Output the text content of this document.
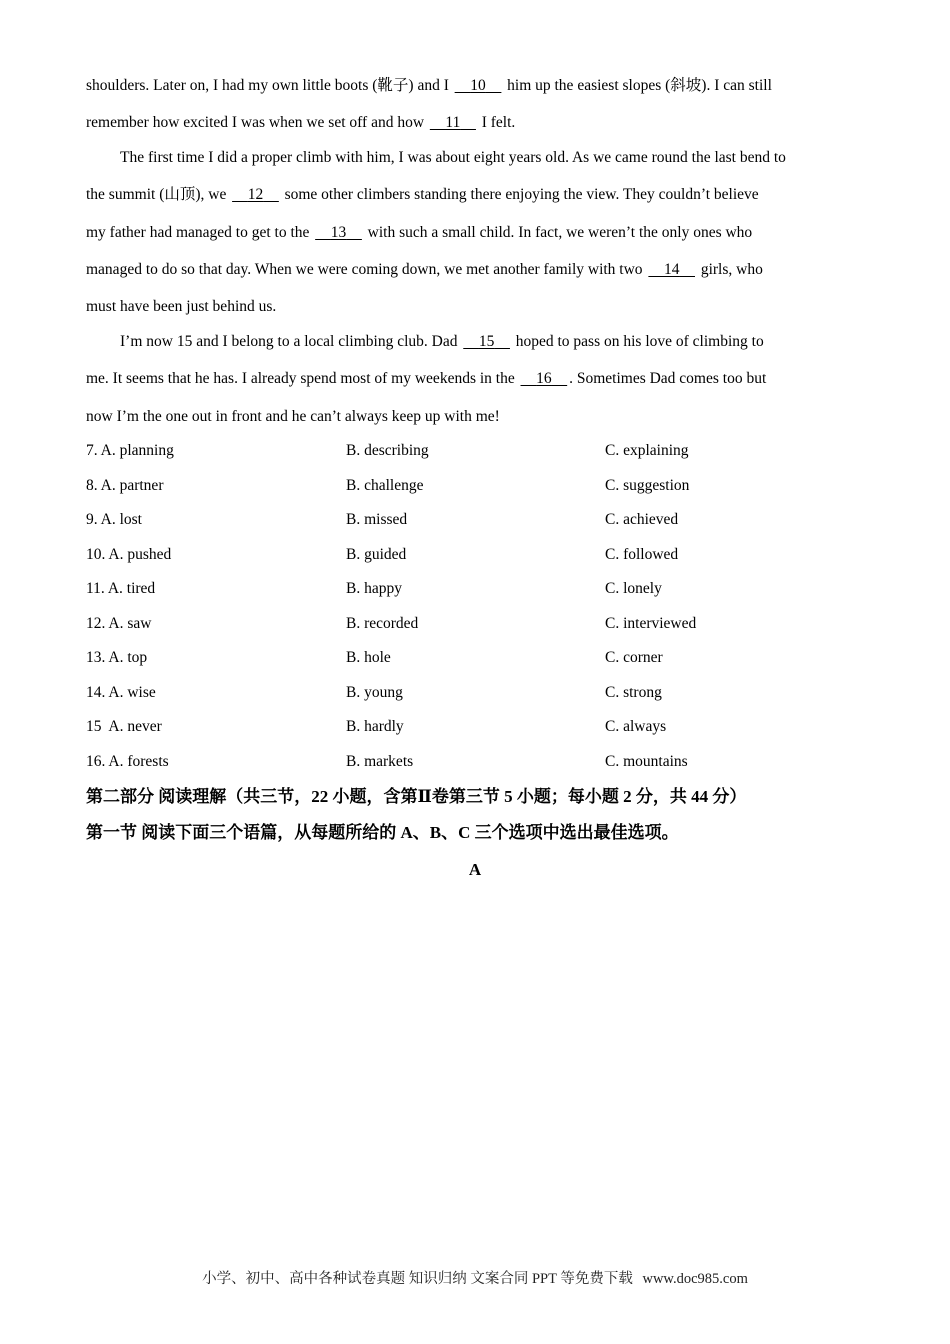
shoulders. Later on, I had my own little boots (靴子) and I 10 him up the easiest slopes (斜坡). I can still
remember how excited I was when we set off and how 11 I felt.
The first time I did a proper climb with him, I was about eight years old. As we came round the last bend to
the summit (山顶), we 12 some other climbers standing there enjoying the view. They couldn’t believe
my father had managed to get to the 13 with such a small child. In fact, we weren’t the only ones who
managed to do so that day. When we were coming down, we met another family with two 14 girls, who
must have been just behind us.
I’m now 15 and I belong to a local climbing club. Dad 15 hoped to pass on his love of climbing to
me. It seems that he has. I already spend most of my weekends in the 16 . Sometimes Dad comes too but
now I’m the one out in front and he can’t always keep up with me!
7. A. planning	B. describing	C. explaining
8. A. partner	B. challenge	C. suggestion
9. A. lost	B. missed	C. achieved
10. A. pushed	B. guided	C. followed
11. A. tired	B. happy	C. lonely
12. A. saw	B. recorded	C. interviewed
13. A. top	B. hole	C. corner
14. A. wise	B. young	C. strong
15  A. never	B. hardly	C. always
16. A. forests	B. markets	C. mountains
第二部分 阅读理解（共三节，22 小题，含第Ⅱ卷第三节 5 小题；每小题 2 分，共 44 分）
第一节 阅读下面三个语篇，从每题所给的 A、B、C 三个选项中选出最佳选项。
A
小学、初中、高中各种试卷真题 知识归纳 文案合同 PPT 等免费下载 www.doc985.com
